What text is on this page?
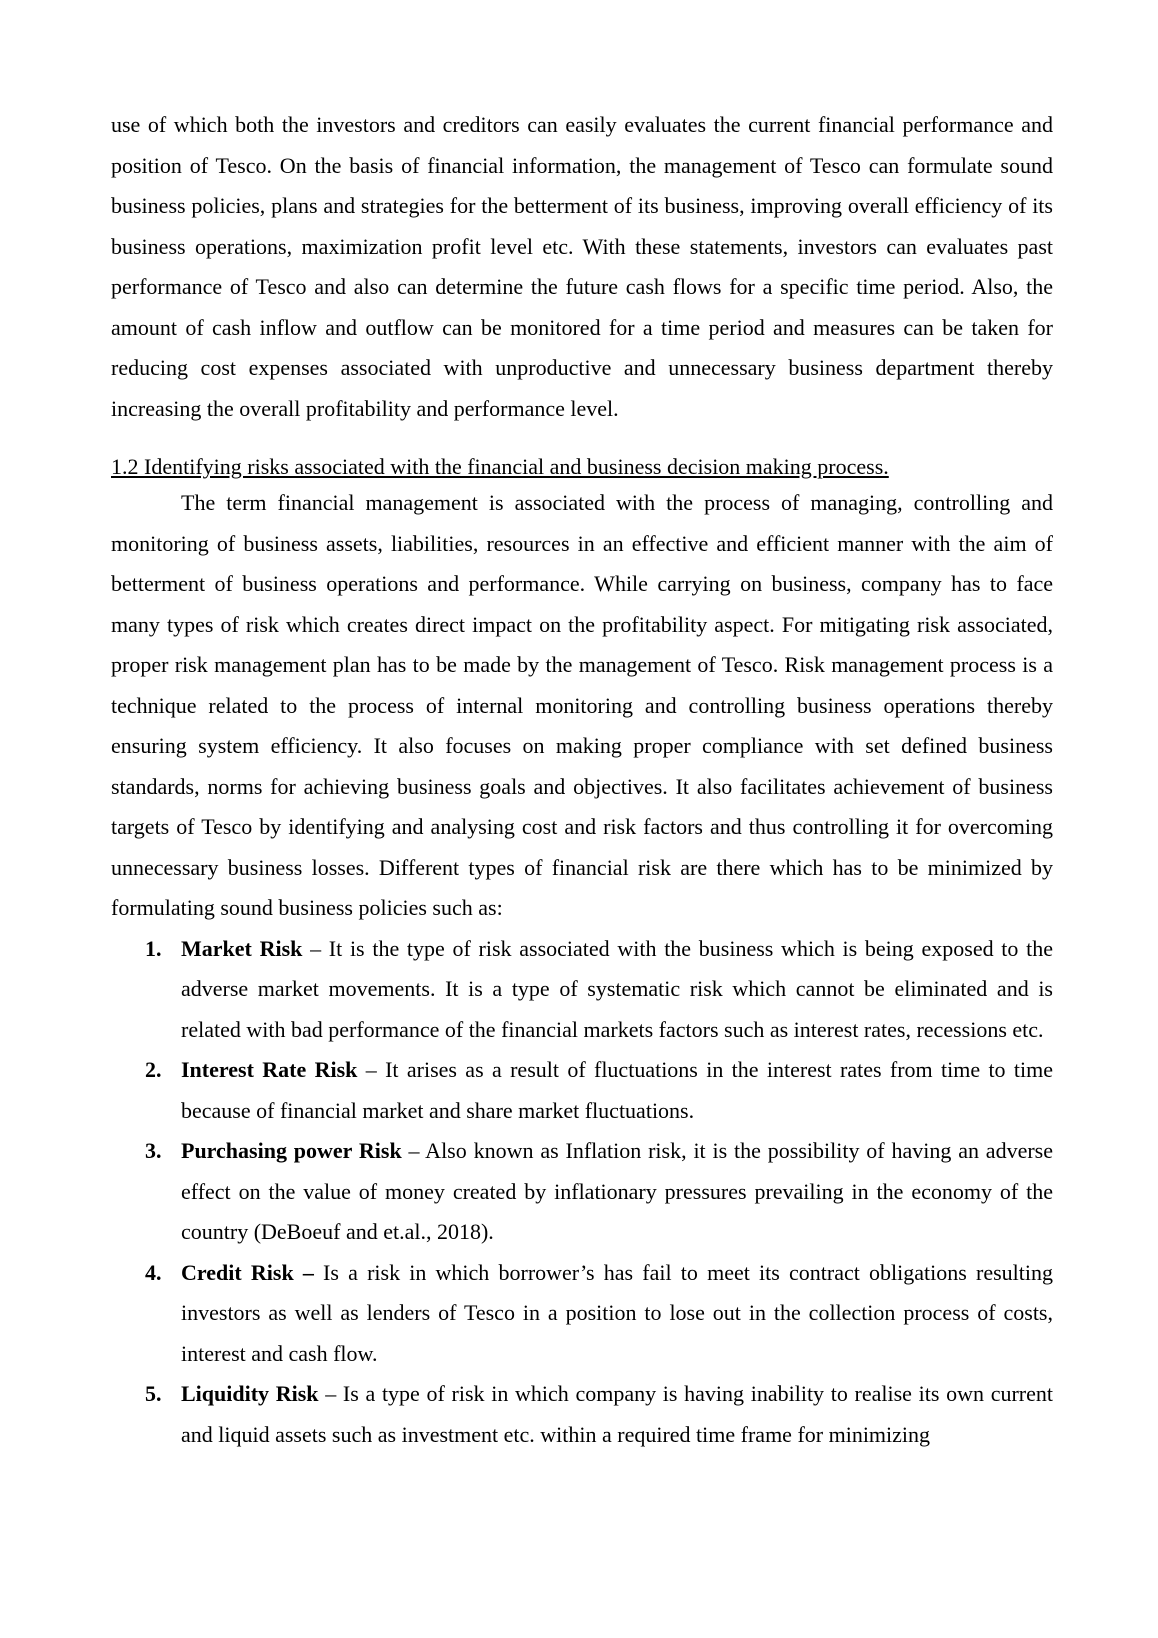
use of which both the investors and creditors can easily evaluates the current financial performance and position of Tesco. On the basis of financial information, the management of Tesco can formulate sound business policies, plans and strategies for the betterment of its business, improving overall efficiency of its business operations, maximization profit level etc. With these statements, investors can evaluates past performance of Tesco and also can determine the future cash flows for a specific time period. Also, the amount of cash inflow and outflow can be monitored for a time period and measures can be taken for reducing cost expenses associated with unproductive and unnecessary business department thereby increasing the overall profitability and performance level.

1.2 Identifying risks associated with the financial and business decision making process.

The term financial management is associated with the process of managing, controlling and monitoring of business assets, liabilities, resources in an effective and efficient manner with the aim of betterment of business operations and performance. While carrying on business, company has to face many types of risk which creates direct impact on the profitability aspect. For mitigating risk associated, proper risk management plan has to be made by the management of Tesco. Risk management process is a technique related to the process of internal monitoring and controlling business operations thereby ensuring system efficiency. It also focuses on making proper compliance with set defined business standards, norms for achieving business goals and objectives. It also facilitates achievement of business targets of Tesco by identifying and analysing cost and risk factors and thus controlling it for overcoming unnecessary business losses. Different types of financial risk are there which has to be minimized by formulating sound business policies such as:

1. Market Risk – It is the type of risk associated with the business which is being exposed to the adverse market movements. It is a type of systematic risk which cannot be eliminated and is related with bad performance of the financial markets factors such as interest rates, recessions etc.
2. Interest Rate Risk – It arises as a result of fluctuations in the interest rates from time to time because of financial market and share market fluctuations.
3. Purchasing power Risk – Also known as Inflation risk, it is the possibility of having an adverse effect on the value of money created by inflationary pressures prevailing in the economy of the country (DeBoeuf and et.al., 2018).
4. Credit Risk – Is a risk in which borrower’s has fail to meet its contract obligations resulting investors as well as lenders of Tesco in a position to lose out in the collection process of costs, interest and cash flow.
5. Liquidity Risk – Is a type of risk in which company is having inability to realise its own current and liquid assets such as investment etc. within a required time frame for minimizing
